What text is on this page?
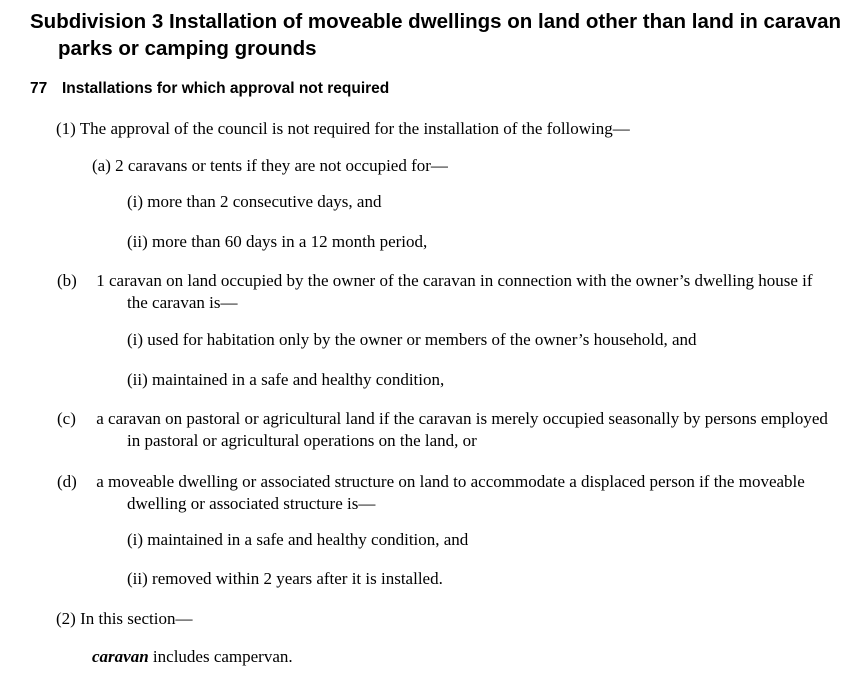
Subdivision 3 Installation of moveable dwellings on land other than land in caravan parks or camping grounds
77 Installations for which approval not required

(1) The approval of the council is not required for the installation of the following—

(a) 2 caravans or tents if they are not occupied for—

(i) more than 2 consecutive days, and

(ii) more than 60 days in a 12 month period,

(b) 1 caravan on land occupied by the owner of the caravan in connection with the owner’s dwelling house if the caravan is—

(i) used for habitation only by the owner or members of the owner’s household, and

(ii) maintained in a safe and healthy condition,

(c) a caravan on pastoral or agricultural land if the caravan is merely occupied seasonally by persons employed in pastoral or agricultural operations on the land, or

(d) a moveable dwelling or associated structure on land to accommodate a displaced person if the moveable dwelling or associated structure is—

(i) maintained in a safe and healthy condition, and

(ii) removed within 2 years after it is installed.

(2) In this section—

caravan includes campervan.
